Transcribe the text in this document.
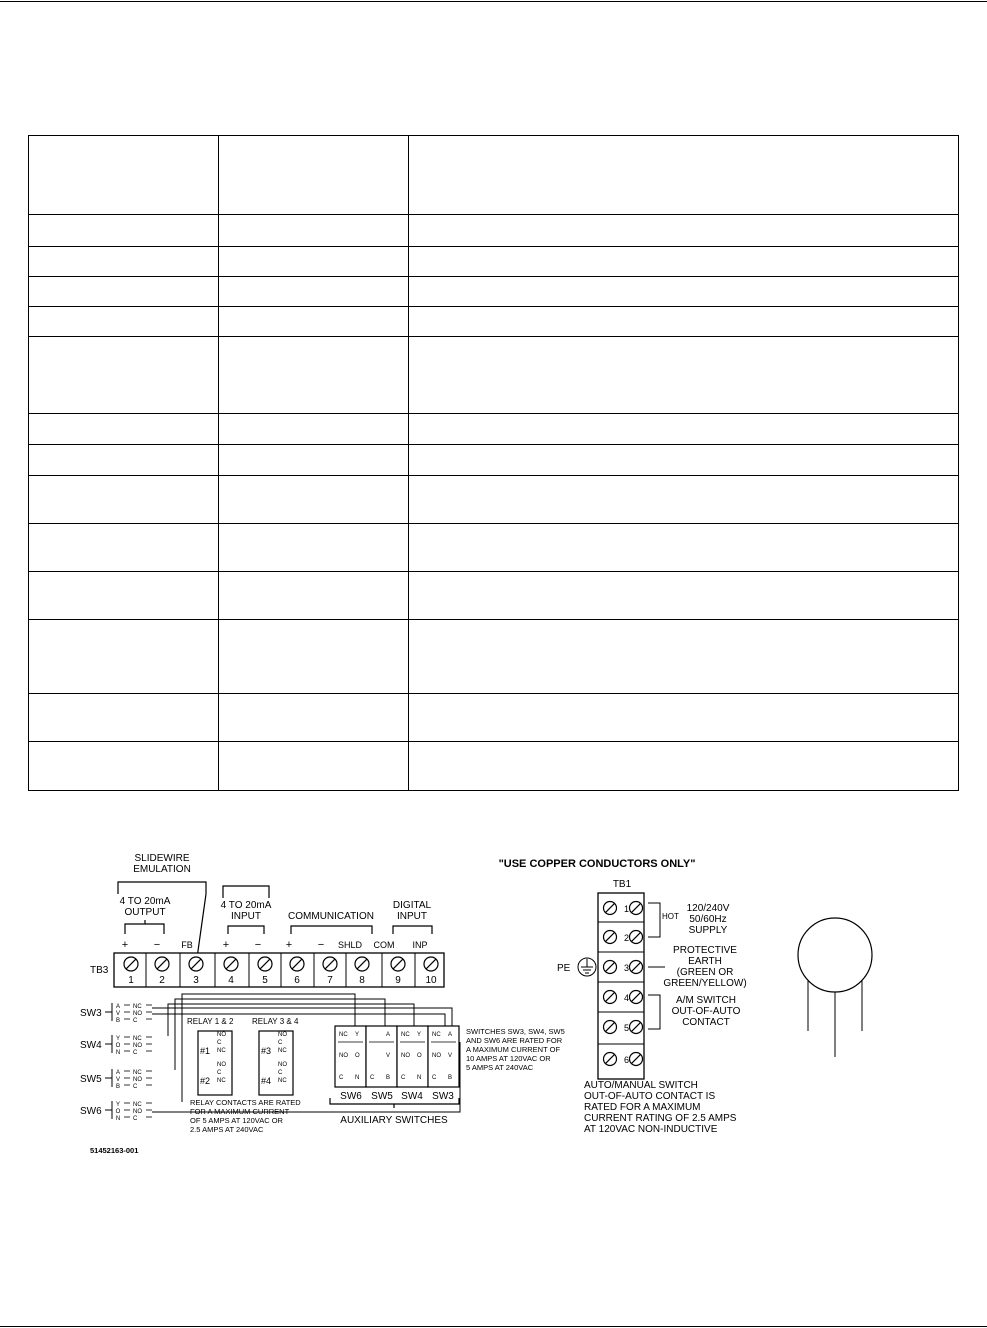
SLIDEWIRE
EMULATION
4 TO 20mA
OUTPUT
4 TO 20mA
INPUT	COMMUNICATION
DIGITAL
INPUT
+ − FB	+ − + − SHLD COM INP
TB3
1	2	3	4	5	6	7	8	9 10
SW3
A NC
V NO
B C
SW4
Y NC
O NO
N C
SW5
A NC
V NO
B C
SW6
Y NC
O NO
N C
RELAY 1 & 2 RELAY 3 & 4
#1
#2
#3
#4
NO
C
NC
NO
C
NC
NO
C
NC
NO
C
NC
RELAY CONTACTS ARE RATED
FOR A MAXIMUM CURRENT
OF 5 AMPS AT 120VAC OR
2.5 AMPS AT 240VAC
NC Y
NO O
C N
A
V
C B
NC Y
NO O
C N
NC A
NO V
C B
SW6 SW5 SW4 SW3
AUXILIARY SWITCHES
SWITCHES SW3, SW4, SW5
AND SW6 ARE RATED FOR
A MAXIMUM CURRENT OF
10 AMPS AT 120VAC OR
5 AMPS AT 240VAC
"USE COPPER CONDUCTORS ONLY"
TB1
1
2
3
4
5
6
HOT
120/240V
50/60Hz
SUPPLY
PE
PROTECTIVE
EARTH
(GREEN OR
GREEN/YELLOW)
A/M SWITCH
OUT-OF-AUTO
CONTACT
AUTO/MANUAL SWITCH
OUT-OF-AUTO CONTACT IS
RATED FOR A MAXIMUM
CURRENT RATING OF 2.5 AMPS
AT 120VAC NON-INDUCTIVE
51452163-001
